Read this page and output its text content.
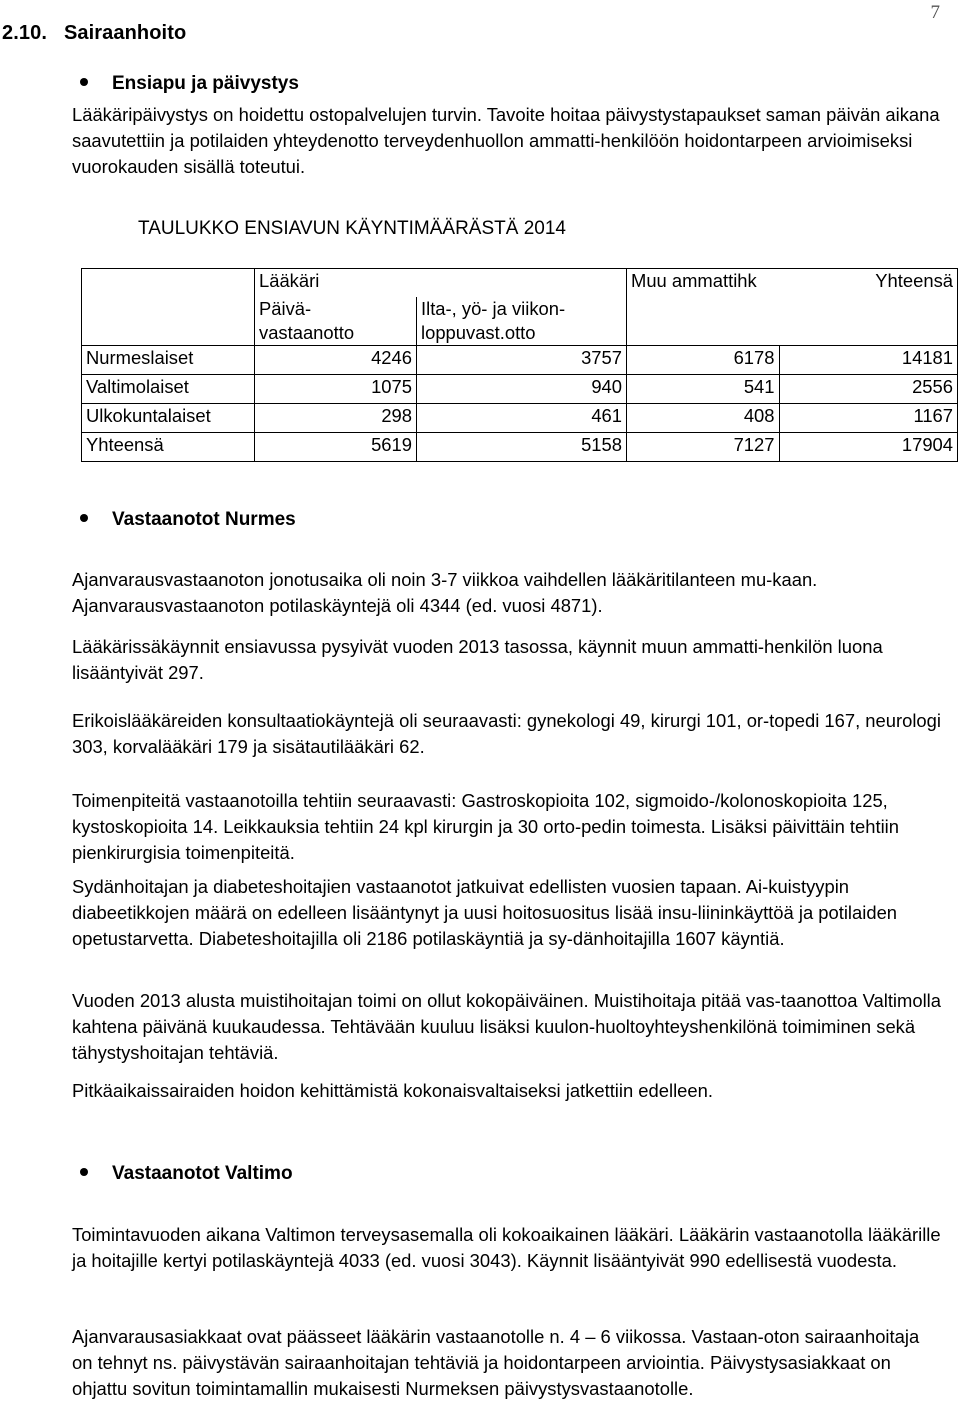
7
2.10.   Sairaanhoito
Ensiapu ja päivystys
Lääkäripäivystys on hoidettu ostopalvelujen turvin. Tavoite hoitaa päivystystapaukset saman päivän aikana saavutettiin ja potilaiden yhteydenotto terveydenhuollon ammatti-henkilöön hoidontarpeen arvioimiseksi vuorokauden sisällä toteutui.
TAULUKKO ENSIAVUN KÄYNTIMÄÄRÄSTÄ 2014
	Lääkäri		Muu ammattihk	Yhteensä
	Päivä-
vastaanotto	Ilta-, yö- ja viikon-
loppuvast.otto		
Nurmeslaiset	4246	3757	6178	14181
Valtimolaiset	1075	940	541	2556
Ulkokuntalaiset	298	461	408	1167
Yhteensä	5619	5158	7127	17904
Vastaanotot Nurmes
Ajanvarausvastaanoton jonotusaika oli noin 3-7 viikkoa vaihdellen lääkäritilanteen mu-kaan. Ajanvarausvastaanoton potilaskäyntejä oli 4344 (ed. vuosi 4871).
Lääkärissäkäynnit ensiavussa pysyivät vuoden 2013 tasossa, käynnit muun ammatti-henkilön luona lisääntyivät 297.
Erikoislääkäreiden konsultaatiokäyntejä oli seuraavasti: gynekologi 49, kirurgi 101, or-topedi 167, neurologi 303, korvalääkäri 179 ja sisätautilääkäri 62.
Toimenpiteitä vastaanotoilla tehtiin seuraavasti: Gastroskopioita 102, sigmoido-/kolonoskopioita 125, kystoskopioita 14. Leikkauksia tehtiin 24 kpl kirurgin ja 30 orto-pedin toimesta. Lisäksi päivittäin tehtiin pienkirurgisia toimenpiteitä.
Sydänhoitajan ja diabeteshoitajien vastaanotot jatkuivat edellisten vuosien tapaan. Ai-kuistyypin diabeetikkojen määrä on edelleen lisääntynyt ja uusi hoitosuositus lisää insu-liininkäyttöä ja potilaiden opetustarvetta. Diabeteshoitajilla oli 2186 potilaskäyntiä ja sy-dänhoitajilla 1607 käyntiä.
Vuoden 2013 alusta muistihoitajan toimi on ollut kokopäiväinen. Muistihoitaja pitää vas-taanottoa Valtimolla kahtena päivänä kuukaudessa. Tehtävään kuuluu lisäksi kuulon-huoltoyhteyshenkilönä toimiminen sekä tähystyshoitajan tehtäviä.
Pitkäaikaissairaiden hoidon kehittämistä kokonaisvaltaiseksi jatkettiin edelleen.
Vastaanotot Valtimo
Toimintavuoden aikana Valtimon terveysasemalla oli kokoaikainen lääkäri. Lääkärin vastaanotolla lääkärille ja hoitajille kertyi potilaskäyntejä 4033 (ed. vuosi 3043). Käynnit lisääntyivät 990 edellisestä vuodesta.
Ajanvarausasiakkaat ovat päässeet lääkärin vastaanotolle n. 4 – 6 viikossa. Vastaan-oton sairaanhoitaja on tehnyt ns. päivystävän sairaanhoitajan tehtäviä ja hoidontarpeen arviointia. Päivystysasiakkaat on ohjattu sovitun toimintamallin mukaisesti Nurmeksen päivystysvastaanotolle.
